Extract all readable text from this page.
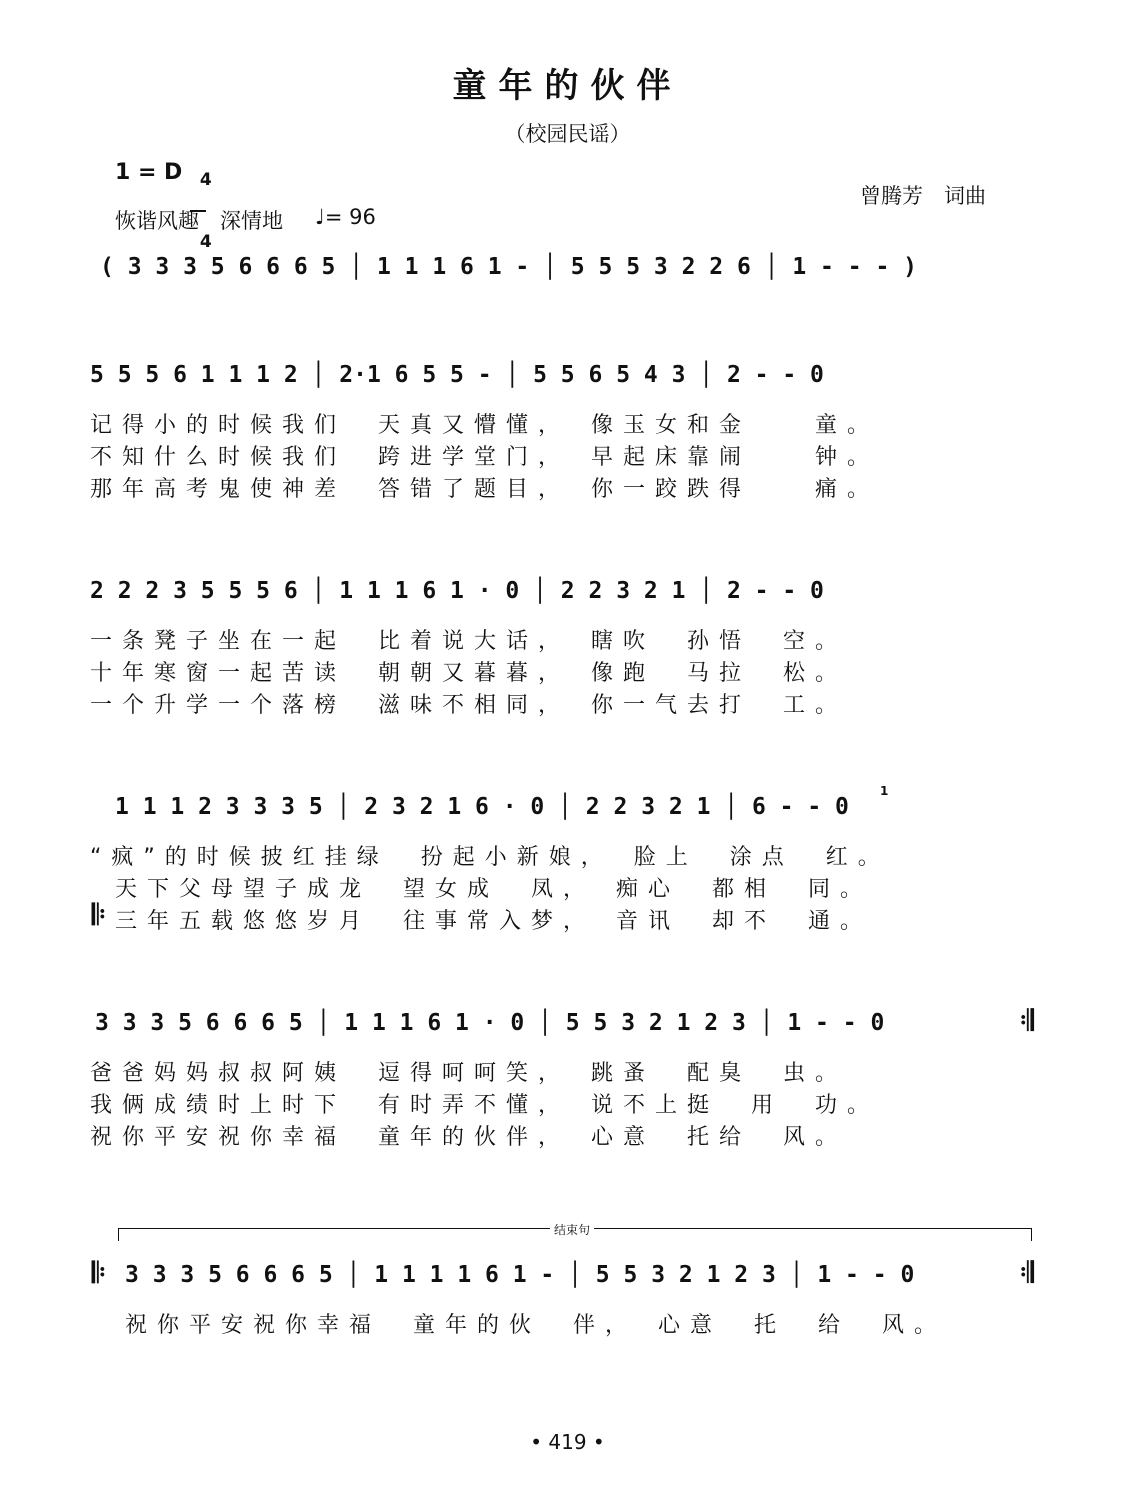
童年的伙伴
（校园民谣）
1 = D	4

4

恢谐风趣　深情地 ♩= 96
曾腾芳　词曲
( 3 3 3 5 6 6 6 5 │ 1 1 1 6 1 - │ 5 5 5 3 2 2 6 │ 1 - - - )
5 5 5 6 1 1 1 2 │ 2·1 6 5 5 - │ 5 5 6 5 4 3 │ 2 - - 0
记得小的时候我们　天真又懵懂，　像玉女和金　　童。
不知什么时候我们　跨进学堂门，　早起床靠闹　　钟。
那年高考鬼使神差　答错了题目，　你一跤跌得　　痛。
2 2 2 3 5 5 5 6 │ 1 1 1 6 1 · 0 │ 2 2 3 2 1 │ 2 - - 0
一条凳子坐在一起　比着说大话，　瞎吹　孙悟　空。
十年寒窗一起苦读　朝朝又暮暮，　像跑　马拉　松。
一个升学一个落榜　滋味不相同，　你一气去打　工。
1 1 1 2 3 3 3 5 │ 2 3 2 1 6 · 0 │ 2 2 3 2 1 │ 6 - - 0
1
“疯”的时候披红挂绿　扮起小新娘，　脸上　涂点　红。
天下父母望子成龙　望女成　凤，　痴心　都相　同。
𝄆 三年五载悠悠岁月　往事常入梦，　音讯　却不　通。
3 3 3 5 6 6 6 5 │ 1 1 1 6 1 · 0 │ 5 5 3 2 1 2 3 │ 1 - - 0	𝄇
爸爸妈妈叔叔阿姨　逗得呵呵笑，　跳蚤　配臭　虫。
我俩成绩时上时下　有时弄不懂，　说不上挺　用　功。
祝你平安祝你幸福　童年的伙伴，　心意　托给　风。
结束句
𝄆 3 3 3 5 6 6 6 5 │ 1 1 1 1 6 1 - │ 5 5 3 2 1 2 3 │ 1 - - 0	𝄇
祝你平安祝你幸福　童年的伙　伴，　心意　托　给　风。
• 419 •
